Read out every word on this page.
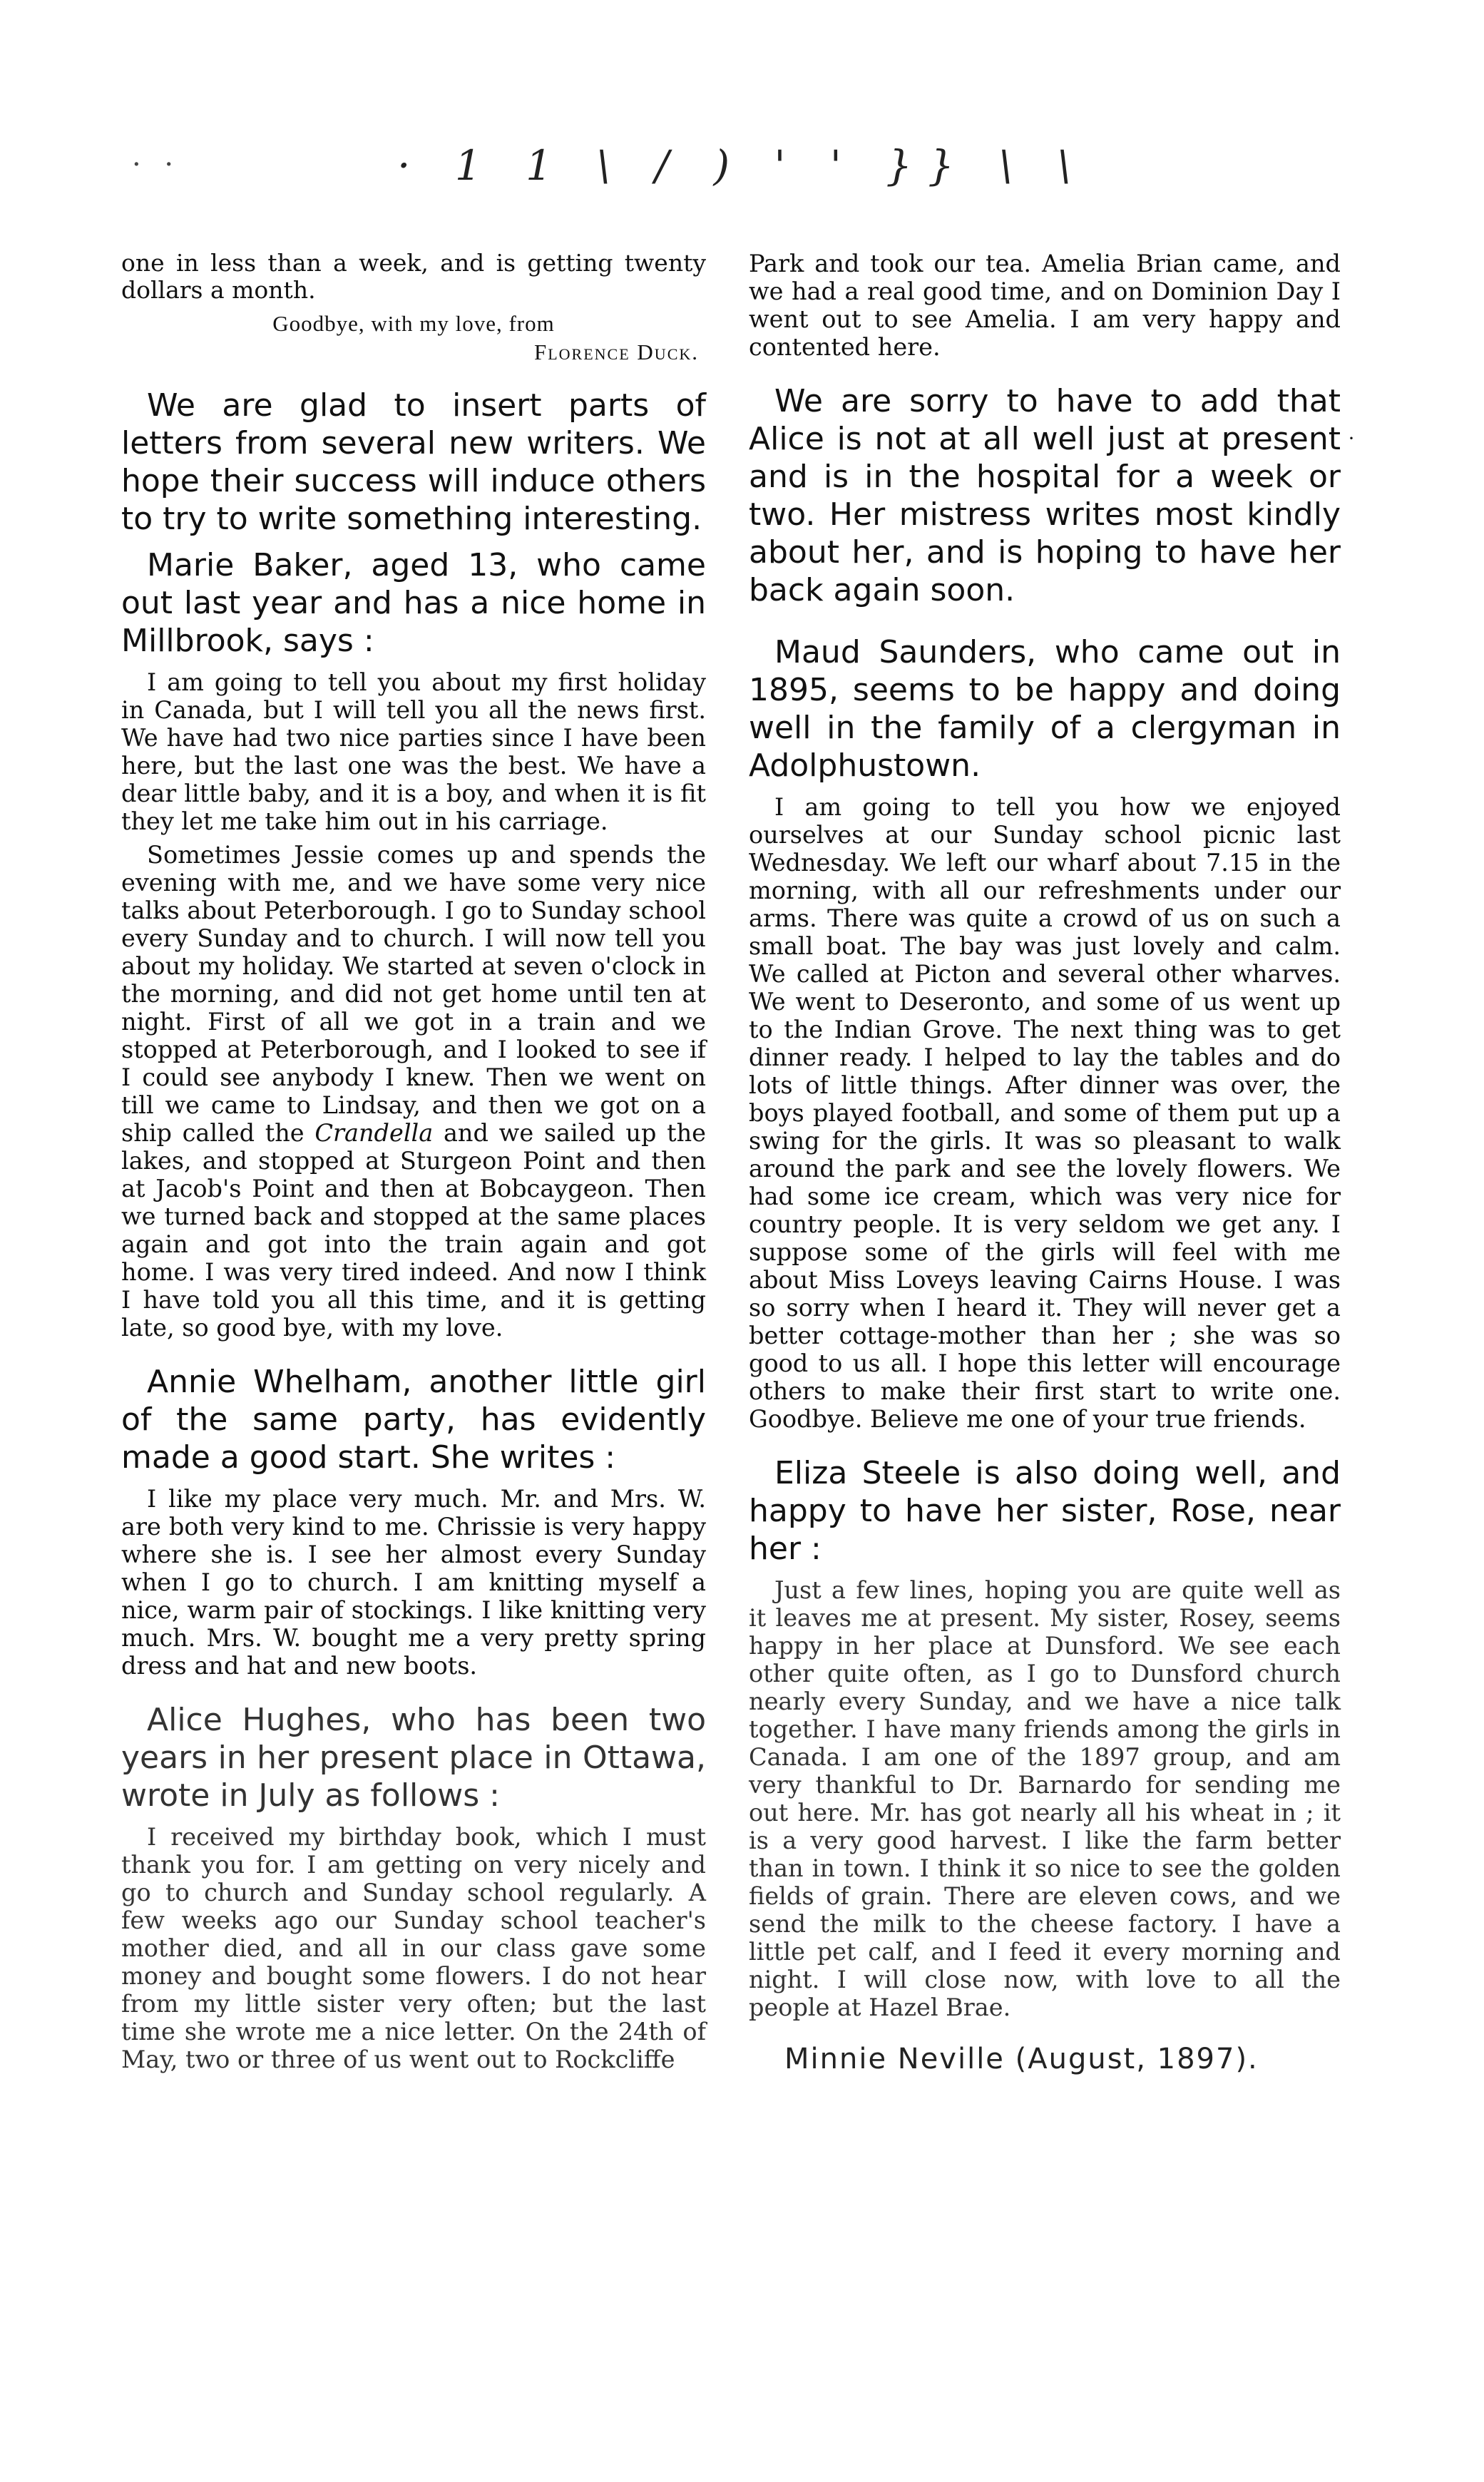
· ·	· 1 1 \ / ) ' ' }} \ \
·

one in less than a week, and is getting twenty dollars a month.

Goodbye, with my love, from

Florence Duck.

We are glad to insert parts of letters from several new writers. We hope their success will induce others to try to write something interesting.

Marie Baker, aged 13, who came out last year and has a nice home in Millbrook, says :

I am going to tell you about my first holiday in Canada, but I will tell you all the news first. We have had two nice parties since I have been here, but the last one was the best. We have a dear little baby, and it is a boy, and when it is fit they let me take him out in his carriage.

Sometimes Jessie comes up and spends the evening with me, and we have some very nice talks about Peterborough. I go to Sunday school every Sunday and to church. I will now tell you about my holiday. We started at seven o'clock in the morning, and did not get home until ten at night. First of all we got in a train and we stopped at Peterborough, and I looked to see if I could see anybody I knew. Then we went on till we came to Lindsay, and then we got on a ship called the Crandella and we sailed up the lakes, and stopped at Sturgeon Point and then at Jacob's Point and then at Bobcaygeon. Then we turned back and stopped at the same places again and got into the train again and got home. I was very tired indeed. And now I think I have told you all this time, and it is getting late, so good bye, with my love.

Annie Whelham, another little girl of the same party, has evidently made a good start. She writes :

I like my place very much. Mr. and Mrs. W. are both very kind to me. Chrissie is very happy where she is. I see her almost every Sunday when I go to church. I am knitting myself a nice, warm pair of stockings. I like knitting very much. Mrs. W. bought me a very pretty spring dress and hat and new boots.

Alice Hughes, who has been two years in her present place in Ottawa, wrote in July as follows :

I received my birthday book, which I must thank you for. I am getting on very nicely and go to church and Sunday school regularly. A few weeks ago our Sunday school teacher's mother died, and all in our class gave some money and bought some flowers. I do not hear from my little sister very often; but the last time she wrote me a nice letter. On the 24th of May, two or three of us went out to Rockcliffe

Park and took our tea. Amelia Brian came, and we had a real good time, and on Dominion Day I went out to see Amelia. I am very happy and contented here.

We are sorry to have to add that Alice is not at all well just at present and is in the hospital for a week or two. Her mistress writes most kindly about her, and is hoping to have her back again soon.

Maud Saunders, who came out in 1895, seems to be happy and doing well in the family of a clergyman in Adolphustown.

I am going to tell you how we enjoyed ourselves at our Sunday school picnic last Wednesday. We left our wharf about 7.15 in the morning, with all our refreshments under our arms. There was quite a crowd of us on such a small boat. The bay was just lovely and calm. We called at Picton and several other wharves. We went to Deseronto, and some of us went up to the Indian Grove. The next thing was to get dinner ready. I helped to lay the tables and do lots of little things. After dinner was over, the boys played football, and some of them put up a swing for the girls. It was so pleasant to walk around the park and see the lovely flowers. We had some ice cream, which was very nice for country people. It is very seldom we get any. I suppose some of the girls will feel with me about Miss Loveys leaving Cairns House. I was so sorry when I heard it. They will never get a better cottage-mother than her ; she was so good to us all. I hope this letter will encourage others to make their first start to write one. Goodbye. Believe me one of your true friends.

Eliza Steele is also doing well, and happy to have her sister, Rose, near her :

Just a few lines, hoping you are quite well as it leaves me at present. My sister, Rosey, seems happy in her place at Dunsford. We see each other quite often, as I go to Dunsford church nearly every Sunday, and we have a nice talk together. I have many friends among the girls in Canada. I am one of the 1897 group, and am very thankful to Dr. Barnardo for sending me out here. Mr. has got nearly all his wheat in ; it is a very good harvest. I like the farm better than in town. I think it so nice to see the golden fields of grain. There are eleven cows, and we send the milk to the cheese factory. I have a little pet calf, and I feed it every morning and night. I will close now, with love to all the people at Hazel Brae.

Minnie Neville (August, 1897).
